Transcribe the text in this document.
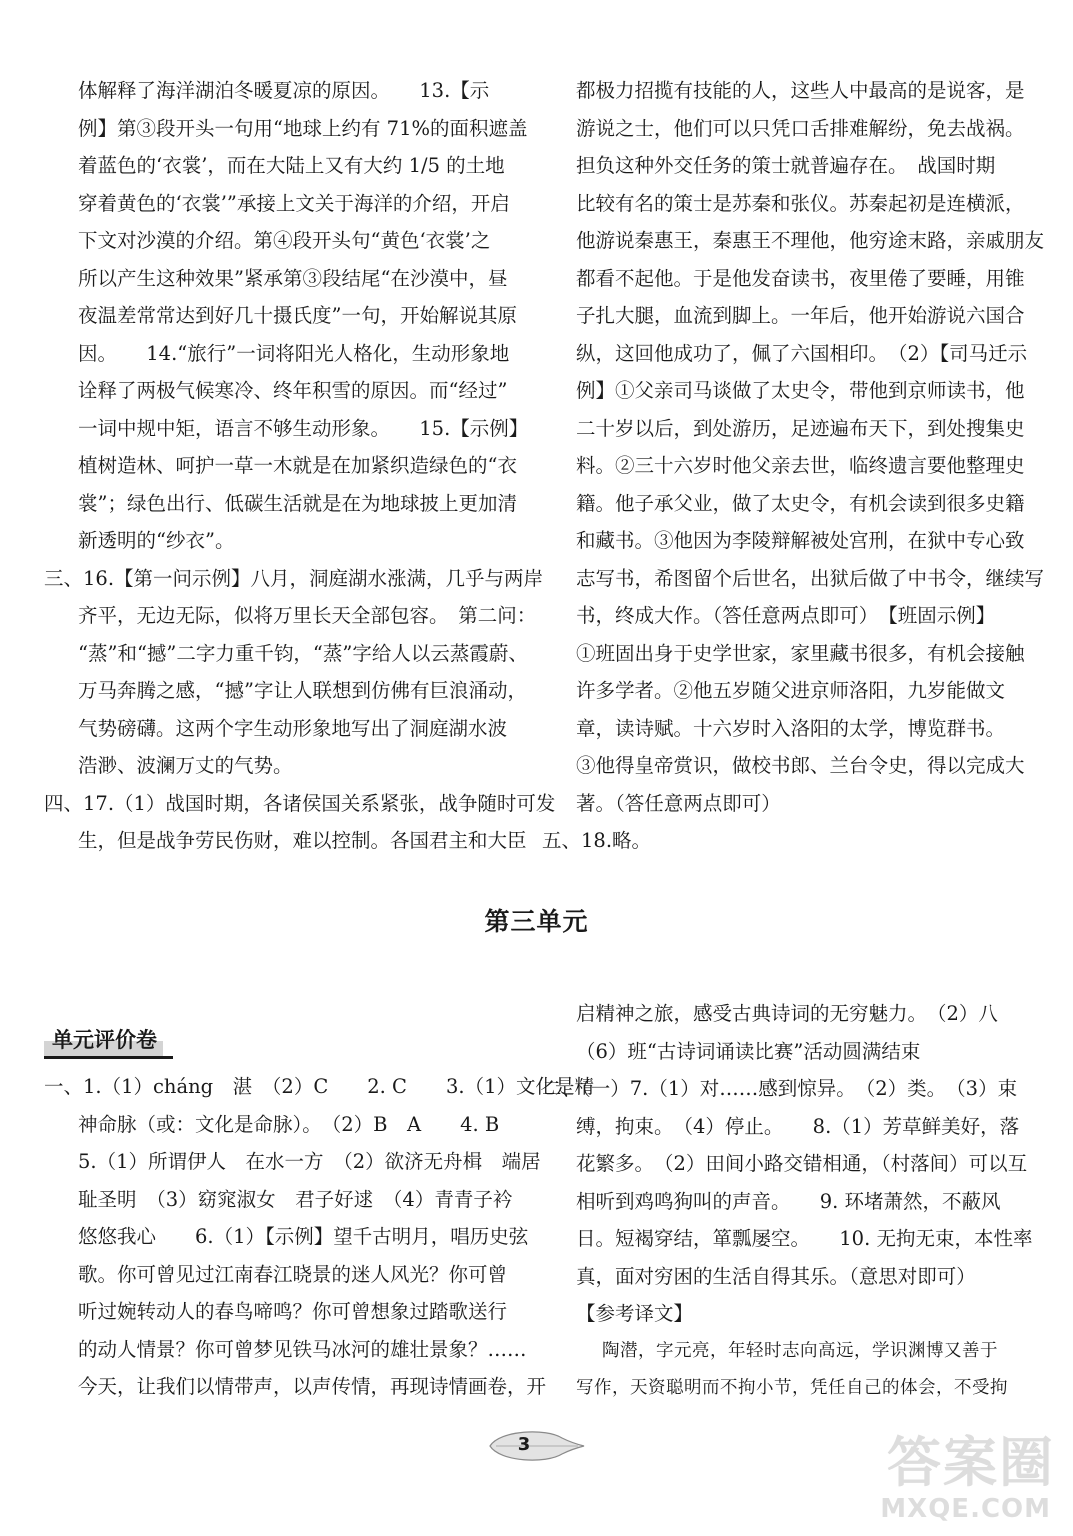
体解释了海洋湖泊冬暖夏凉的原因。　　13.【示
例】第③段开头一句用“地球上约有 71%的面积遮盖
着蓝色的‘衣裳’，而在大陆上又有大约 1/5 的土地
穿着黄色的‘衣裳’”承接上文关于海洋的介绍，开启
下文对沙漠的介绍。第④段开头句“黄色‘衣裳’之
所以产生这种效果”紧承第③段结尾“在沙漠中，昼
夜温差常常达到好几十摄氏度”一句，开始解说其原
因。　　14.“旅行”一词将阳光人格化，生动形象地
诠释了两极气候寒冷、终年积雪的原因。而“经过”
一词中规中矩，语言不够生动形象。　　15.【示例】
植树造林、呵护一草一木就是在加紧织造绿色的“衣
裳”；绿色出行、低碳生活就是在为地球披上更加清
新透明的“纱衣”。
三、16.【第一问示例】八月，洞庭湖水涨满，几乎与两岸
齐平，无边无际，似将万里长天全部包容。　第二问：
“蒸”和“撼”二字力重千钧，“蒸”字给人以云蒸霞蔚、
万马奔腾之感，“撼”字让人联想到仿佛有巨浪涌动，
气势磅礴。这两个字生动形象地写出了洞庭湖水波
浩渺、波澜万丈的气势。
四、17.（1）战国时期，各诸侯国关系紧张，战争随时可发
生，但是战争劳民伤财，难以控制。各国君主和大臣
都极力招揽有技能的人，这些人中最高的是说客，是
游说之士，他们可以只凭口舌排难解纷，免去战祸。
担负这种外交任务的策士就普遍存在。　战国时期
比较有名的策士是苏秦和张仪。苏秦起初是连横派，
他游说秦惠王，秦惠王不理他，他穷途末路，亲戚朋友
都看不起他。于是他发奋读书，夜里倦了要睡，用锥
子扎大腿，血流到脚上。一年后，他开始游说六国合
纵，这回他成功了，佩了六国相印。　（2）【司马迁示
例】①父亲司马谈做了太史令，带他到京师读书，他
二十岁以后，到处游历，足迹遍布天下，到处搜集史
料。②三十六岁时他父亲去世，临终遗言要他整理史
籍。他子承父业，做了太史令，有机会读到很多史籍
和藏书。③他因为李陵辩解被处宫刑，在狱中专心致
志写书，希图留个后世名，出狱后做了中书令，继续写
书，终成大作。（答任意两点即可）　【班固示例】
①班固出身于史学世家，家里藏书很多，有机会接触
许多学者。②他五岁随父进京师洛阳，九岁能做文
章，读诗赋。十六岁时入洛阳的太学，博览群书。
③他得皇帝赏识，做校书郎、兰台令史，得以完成大
著。（答任意两点即可）
五、18.略。
第三单元
单元评价卷
一、1.（1）cháng　湛　（2）C　　2. C　　3.（1）文化是精
神命脉（或：文化是命脉）。　（2）B　A　　4. B
5.（1）所谓伊人　在水一方　（2）欲济无舟楫　端居
耻圣明　（3）窈窕淑女　君子好逑　（4）青青子衿
悠悠我心　　6.（1）【示例】望千古明月，唱历史弦
歌。你可曾见过江南春江晓景的迷人风光？你可曾
听过婉转动人的春鸟啼鸣？你可曾想象过踏歌送行
的动人情景？你可曾梦见铁马冰河的雄壮景象？……
今天，让我们以情带声，以声传情，再现诗情画卷，开
启精神之旅，感受古典诗词的无穷魅力。　（2）八
（6）班“古诗词诵读比赛”活动圆满结束
二、（一）7.（1）对……感到惊异。　（2）类。　（3）束
缚，拘束。　（4）停止。　　8.（1）芳草鲜美好，落
花繁多。　（2）田间小路交错相通，（村落间）可以互
相听到鸡鸣狗叫的声音。　　9. 环堵萧然，不蔽风
日。短褐穿结，箪瓢屡空。　　10. 无拘无束，本性率
真，面对穷困的生活自得其乐。（意思对即可）
【参考译文】
陶潜，字元亮，年轻时志向高远，学识渊博又善于
写作，天资聪明而不拘小节，凭任自己的体会，不受拘
3	答案圈
MXQE.COM
